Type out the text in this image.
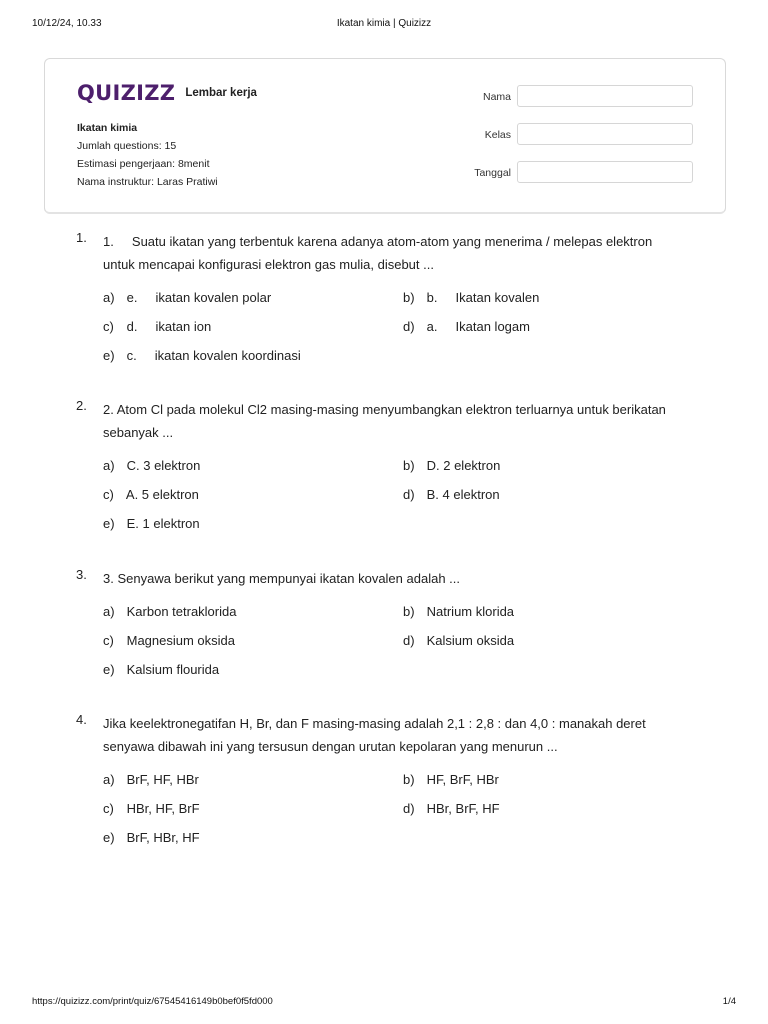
10/12/24, 10.33	Ikatan kimia | Quizizz
QUIZIZZ Lembar kerja
Ikatan kimia
Jumlah questions: 15
Estimasi pengerjaan: 8menit
Nama instruktur: Laras Pratiwi
Nama
Kelas
Tanggal
1. 1.     Suatu ikatan yang terbentuk karena adanya atom-atom yang menerima / melepas elektron untuk mencapai konfigurasi elektron gas mulia, disebut ...
a) e.     ikatan kovalen polar	b) b.     Ikatan kovalen
c) d.     ikatan ion	d) a.     Ikatan logam
e) c.     ikatan kovalen koordinasi
2. 2. Atom Cl pada molekul Cl2 masing-masing menyumbangkan elektron terluarnya untuk berikatan sebanyak ...
a) C. 3 elektron	b) D. 2 elektron
c) A. 5 elektron	d) B. 4 elektron
e) E. 1 elektron
3. 3. Senyawa berikut yang mempunyai ikatan kovalen adalah ...
a) Karbon tetraklorida	b) Natrium klorida
c) Magnesium oksida	d) Kalsium oksida
e) Kalsium flourida
4. Jika keelektronegatifan H, Br, dan F masing-masing adalah 2,1 : 2,8 : dan 4,0 : manakah deret senyawa dibawah ini yang tersusun dengan urutan kepolaran yang menurun ...
a) BrF, HF, HBr	b) HF, BrF, HBr
c) HBr, HF, BrF	d) HBr, BrF, HF
e) BrF, HBr, HF
https://quizizz.com/print/quiz/67545416149b0bef0f5fd000	1/4
